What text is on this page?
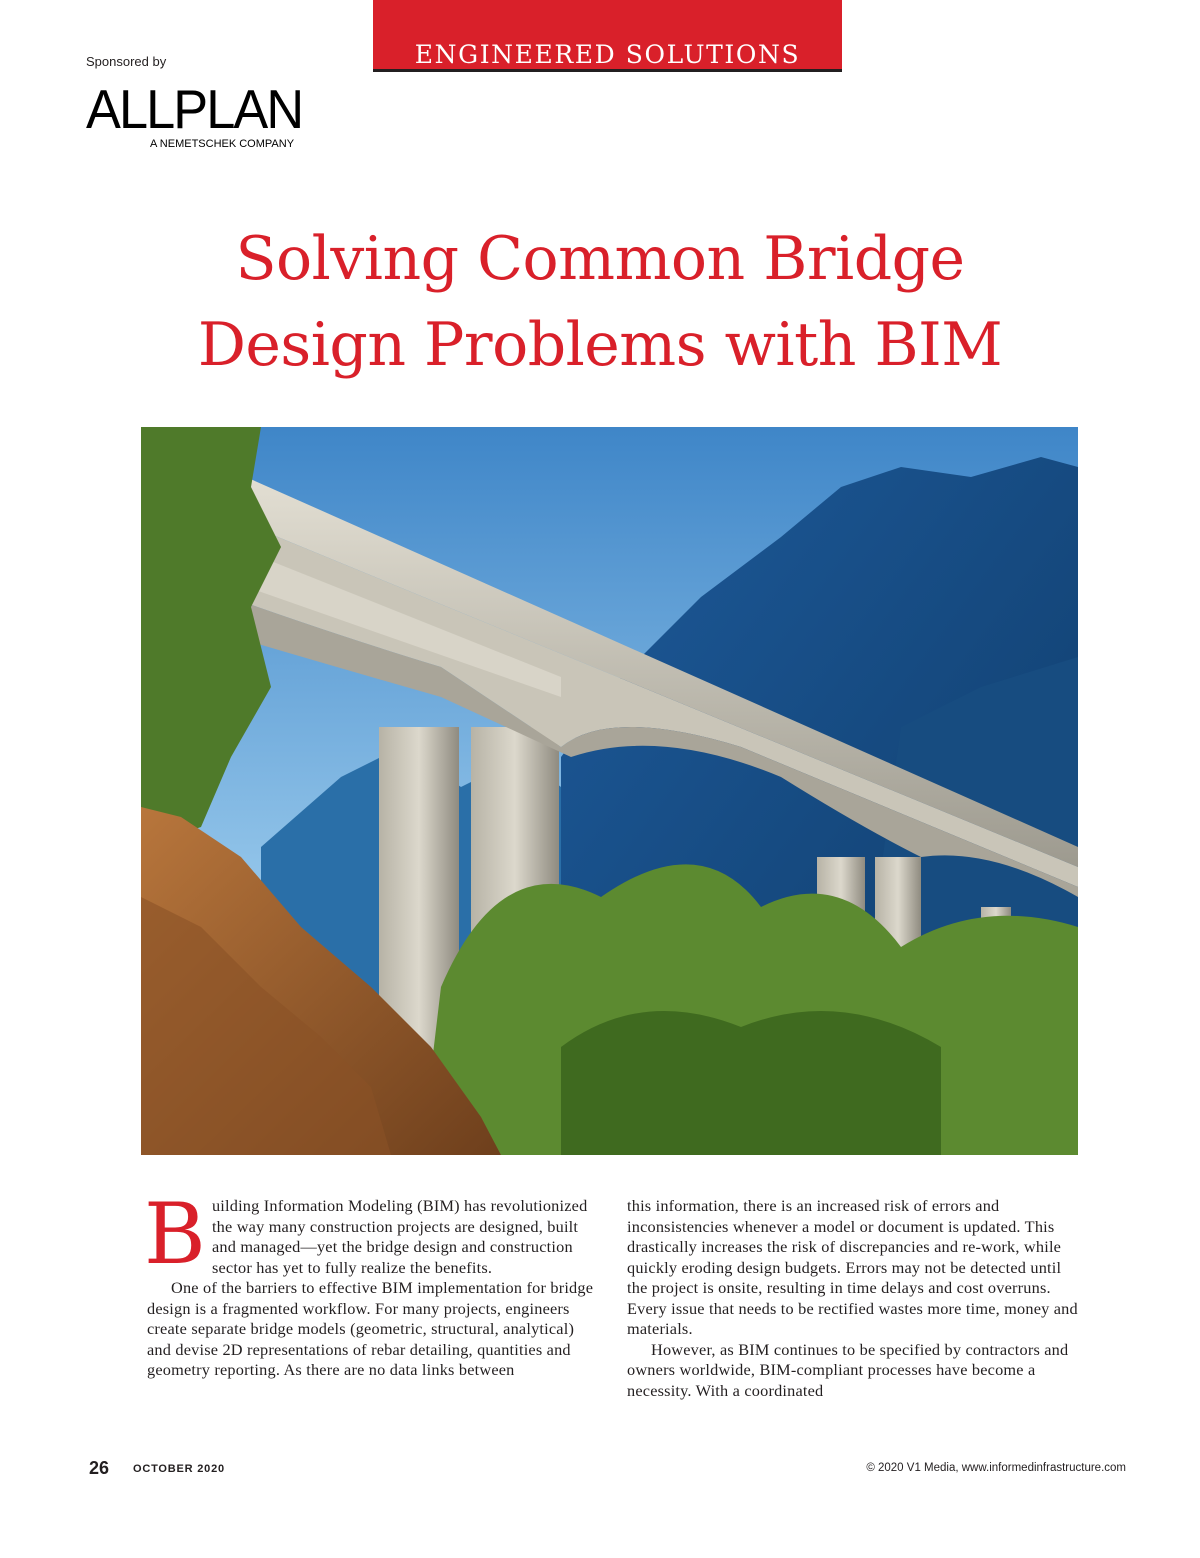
ENGINEERED SOLUTIONS
Sponsored by
ALLPLAN
A NEMETSCHEK COMPANY
Solving Common Bridge
Design Problems with BIM

Building Information Modeling (BIM) has revolutionized the way many construction projects are designed, built and managed—yet the bridge design and construction sector has yet to fully realize the benefits.

One of the barriers to effective BIM implementation for bridge design is a fragmented workflow. For many projects, engineers create separate bridge models (geometric, structural, analytical) and devise 2D representations of rebar detailing, quantities and geometry reporting. As there are no data links between

this information, there is an increased risk of errors and inconsistencies whenever a model or document is updated. This drastically increases the risk of discrepancies and re-work, while quickly eroding design budgets. Errors may not be detected until the project is onsite, resulting in time delays and cost overruns. Every issue that needs to be rectified wastes more time, money and materials.

However, as BIM continues to be specified by contractors and owners worldwide, BIM-compliant processes have become a necessity. With a coordinated

26 OCTOBER 2020	© 2020 V1 Media, www.informedinfrastructure.com
